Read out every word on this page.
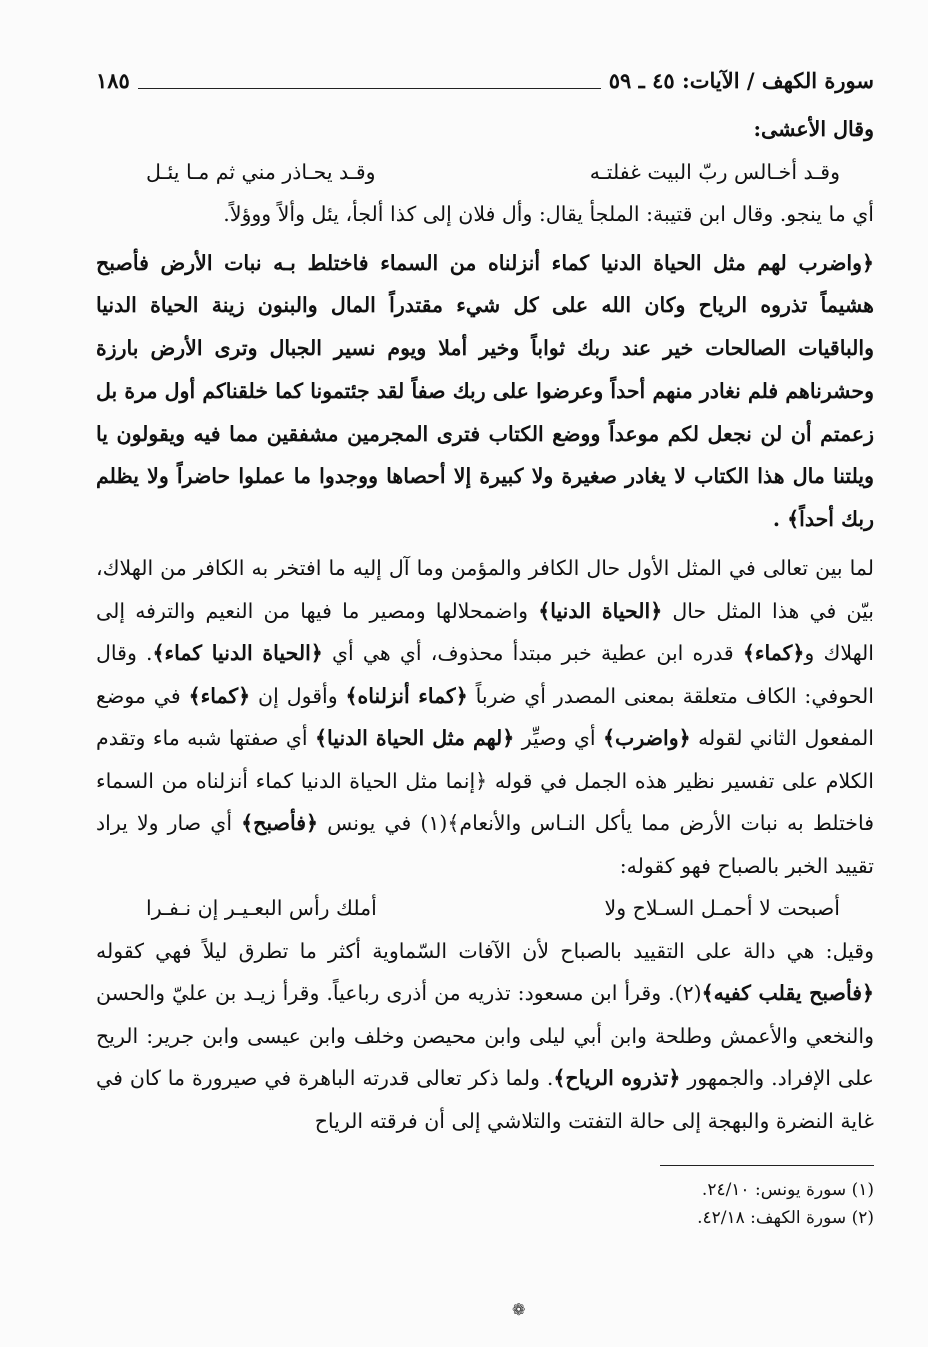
سورة الكهف / الآيات: ٤٥ ـ ٥٩
١٨٥

وقال الأعشى:

وقـد أخـالس ربّ البيت غفلتـه
وقـد يحـاذر مني ثم مـا يئـل

أي ما ينجو. وقال ابن قتيبة: الملجأ يقال: وأل فلان إلى كذا ألجأ، يئل وألاً ووؤلاً.

﴿واضرب لهم مثل الحياة الدنيا كماء أنزلناه من السماء فاختلط بـه نبات الأرض فأصبح هشيماً تذروه الرياح وكان الله على كل شيء مقتدراً المال والبنون زينة الحياة الدنيا والباقيات الصالحات خير عند ربك ثواباً وخير أملا ويوم نسير الجبال وترى الأرض بارزة وحشرناهم فلم نغادر منهم أحداً وعرضوا على ربك صفاً لقد جئتمونا كما خلقناكم أول مرة بل زعمتم أن لن نجعل لكم موعداً ووضع الكتاب فترى المجرمين مشفقين مما فيه ويقولون يا ويلتنا مال هذا الكتاب لا يغادر صغيرة ولا كبيرة إلا أحصاها ووجدوا ما عملوا حاضراً ولا يظلم ربك أحداً﴾ .

لما بين تعالى في المثل الأول حال الكافر والمؤمن وما آل إليه ما افتخر به الكافر من الهلاك، بيّن في هذا المثل حال ﴿الحياة الدنيا﴾ واضمحلالها ومصير ما فيها من النعيم والترفه إلى الهلاك و﴿كماء﴾ قدره ابن عطية خبر مبتدأ محذوف، أي هي أي ﴿الحياة الدنيا كماء﴾. وقال الحوفي: الكاف متعلقة بمعنى المصدر أي ضرباً ﴿كماء أنزلناه﴾ وأقول إن ﴿كماء﴾ في موضع المفعول الثاني لقوله ﴿واضرب﴾ أي وصيِّر ﴿لهم مثل الحياة الدنيا﴾ أي صفتها شبه ماء وتقدم الكلام على تفسير نظير هذه الجمل في قوله ﴿إنما مثل الحياة الدنيا كماء أنزلناه من السماء فاختلط به نبات الأرض مما يأكل النـاس والأنعام﴾(١) في يونس ﴿فأصبح﴾ أي صار ولا يراد تقييد الخبر بالصباح فهو كقوله:

أصبحت لا أحمـل السـلاح ولا
أملك رأس البعـيـر إن نـفـرا

وقيل: هي دالة على التقييد بالصباح لأن الآفات السّماوية أكثر ما تطرق ليلاً فهي كقوله ﴿فأصبح يقلب كفيه﴾(٢). وقرأ ابن مسعود: تذريه من أذرى رباعياً. وقرأ زيـد بن عليّ والحسن والنخعي والأعمش وطلحة وابن أبي ليلى وابن محيصن وخلف وابن عيسى وابن جرير: الريح على الإفراد. والجمهور ﴿تذروه الرياح﴾. ولما ذكر تعالى قدرته الباهرة في صيرورة ما كان في غاية النضرة والبهجة إلى حالة التفتت والتلاشي إلى أن فرقته الرياح

(١) سورة يونس: ٢٤/١٠.

(٢) سورة الكهف: ٤٢/١٨.

❁
